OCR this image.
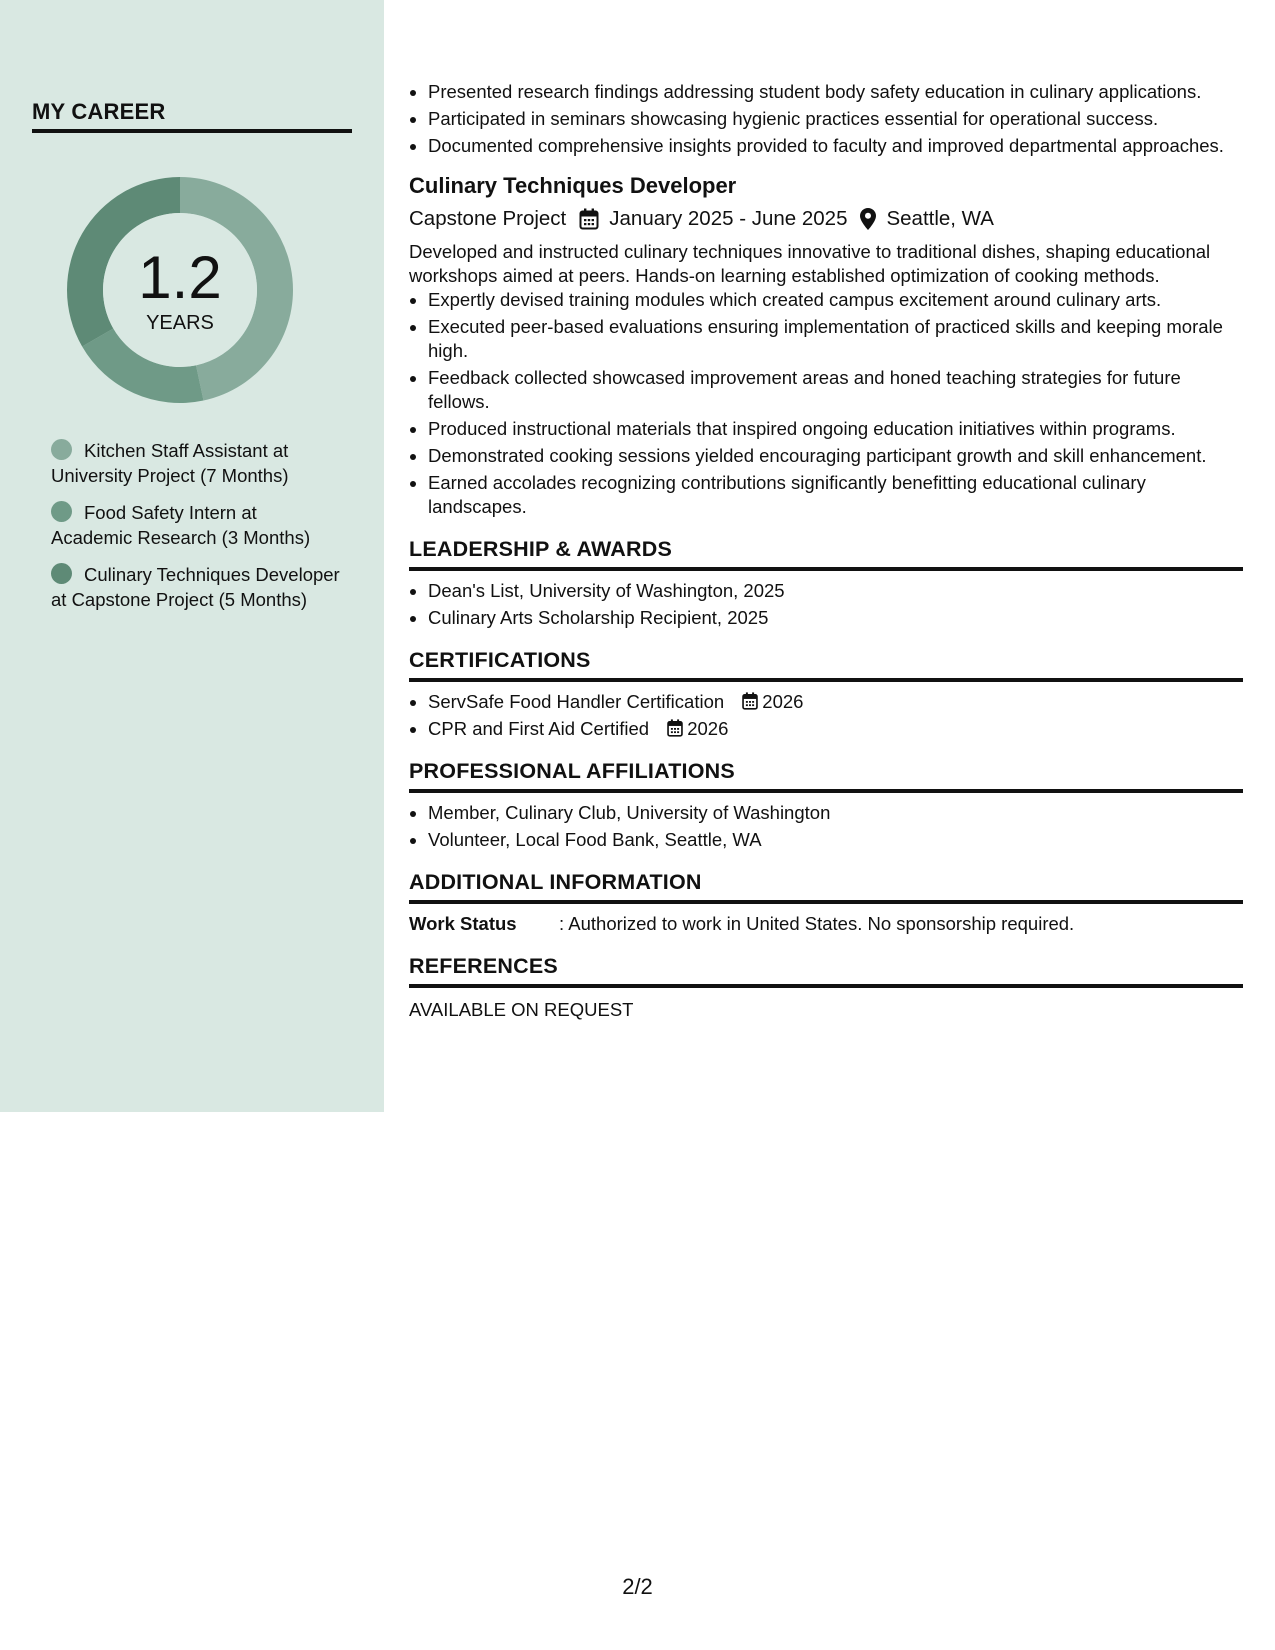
MY CAREER
1.2
YEARS
Kitchen Staff Assistant at University Project (7 Months)
Food Safety Intern at Academic Research (3 Months)
Culinary Techniques Developer at Capstone Project (5 Months)
• Presented research findings addressing student body safety education in culinary applications.
• Participated in seminars showcasing hygienic practices essential for operational success.
• Documented comprehensive insights provided to faculty and improved departmental approaches.
Culinary Techniques Developer
Capstone Project January 2025 - June 2025 Seattle, WA
Developed and instructed culinary techniques innovative to traditional dishes, shaping educational workshops aimed at peers. Hands-on learning established optimization of cooking methods.
• Expertly devised training modules which created campus excitement around culinary arts.
• Executed peer-based evaluations ensuring implementation of practiced skills and keeping morale high.
• Feedback collected showcased improvement areas and honed teaching strategies for future fellows.
• Produced instructional materials that inspired ongoing education initiatives within programs.
• Demonstrated cooking sessions yielded encouraging participant growth and skill enhancement.
• Earned accolades recognizing contributions significantly benefitting educational culinary landscapes.
LEADERSHIP & AWARDS
• Dean's List, University of Washington, 2025
• Culinary Arts Scholarship Recipient, 2025
CERTIFICATIONS
• ServSafe Food Handler Certification 2026
• CPR and First Aid Certified 2026
PROFESSIONAL AFFILIATIONS
• Member, Culinary Club, University of Washington
• Volunteer, Local Food Bank, Seattle, WA
ADDITIONAL INFORMATION
Work Status	: Authorized to work in United States. No sponsorship required.
REFERENCES
AVAILABLE ON REQUEST
2/2
